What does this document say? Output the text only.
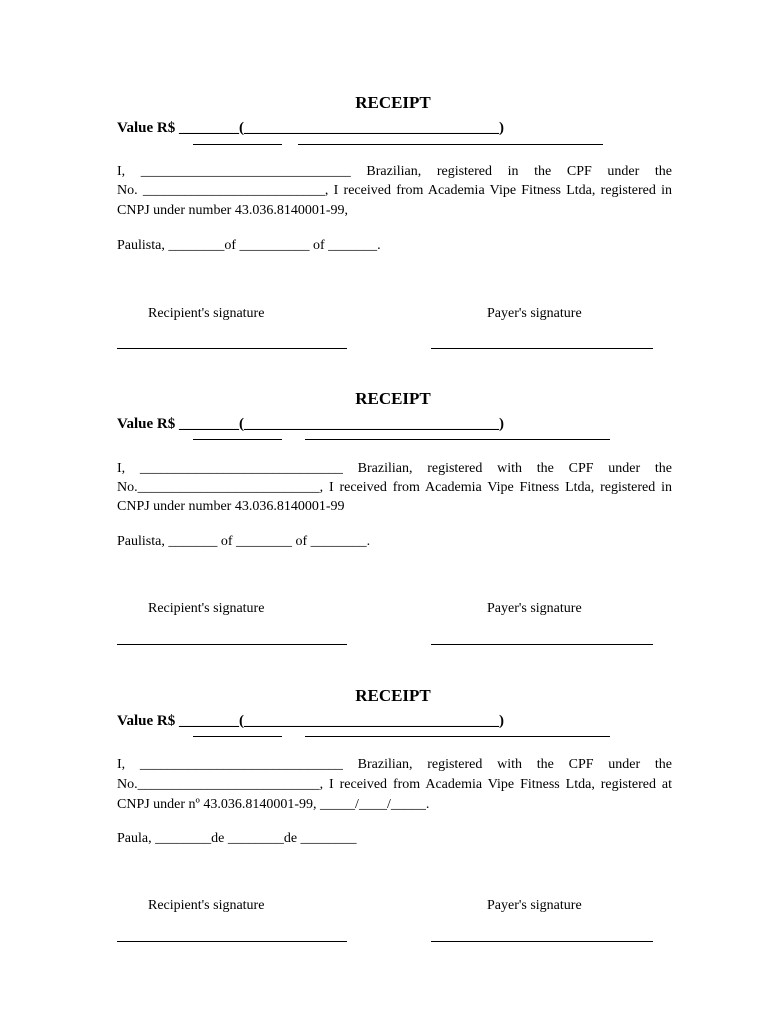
RECEIPT
Value R$ ________(__________________________________)
I, ______________________________ Brazilian, registered in the CPF under the
No. __________________________, I received from Academia Vipe Fitness Ltda, registered in
CNPJ under number 43.036.8140001-99,
Paulista, ________of __________ of _______.
Recipient's signature	Payer's signature
RECEIPT
Value R$ ________(__________________________________)
I, _____________________________ Brazilian, registered with the CPF under the
No.__________________________, I received from Academia Vipe Fitness Ltda, registered in
CNPJ under number 43.036.8140001-99
Paulista, _______ of ________ of ________.
Recipient's signature	Payer's signature
RECEIPT
Value R$ ________(__________________________________)
I, _____________________________ Brazilian, registered with the CPF under the
No.__________________________, I received from Academia Vipe Fitness Ltda, registered at
CNPJ under nº 43.036.8140001-99, _____/____/_____.
Paula, ________de ________de ________
Recipient's signature	Payer's signature
